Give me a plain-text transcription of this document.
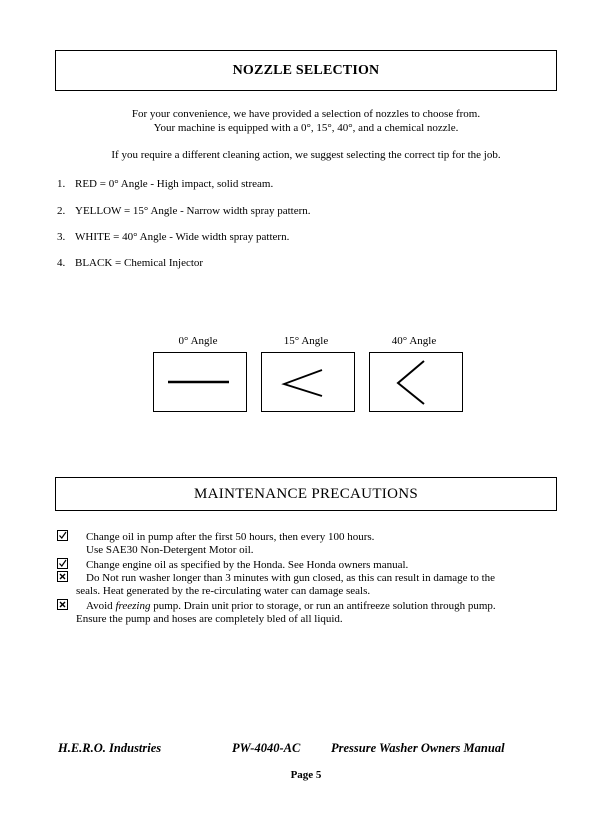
NOZZLE SELECTION
For your convenience, we have provided a selection of nozzles to choose from.
Your machine is equipped with a 0°, 15°, 40°, and a chemical nozzle.
If you require a different cleaning action, we suggest selecting the correct tip for the job.
1. RED = 0° Angle - High impact, solid stream.
2. YELLOW = 15° Angle - Narrow width spray pattern.
3. WHITE = 40° Angle - Wide width spray pattern.
4. BLACK = Chemical Injector
0° Angle	15° Angle	40° Angle
MAINTENANCE PRECAUTIONS
Change oil in pump after the first 50 hours, then every 100 hours.
Use SAE30 Non-Detergent Motor oil.
Change engine oil as specified by the Honda. See Honda owners manual.
Do Not run washer longer than 3 minutes with gun closed, as this can result in damage to the
seals. Heat generated by the re-circulating water can damage seals.
Avoid freezing pump. Drain unit prior to storage, or run an antifreeze solution through pump.
Ensure the pump and hoses are completely bled of all liquid.
H.E.R.O. Industries	PW-4040-AC Pressure Washer Owners Manual
Page 5
